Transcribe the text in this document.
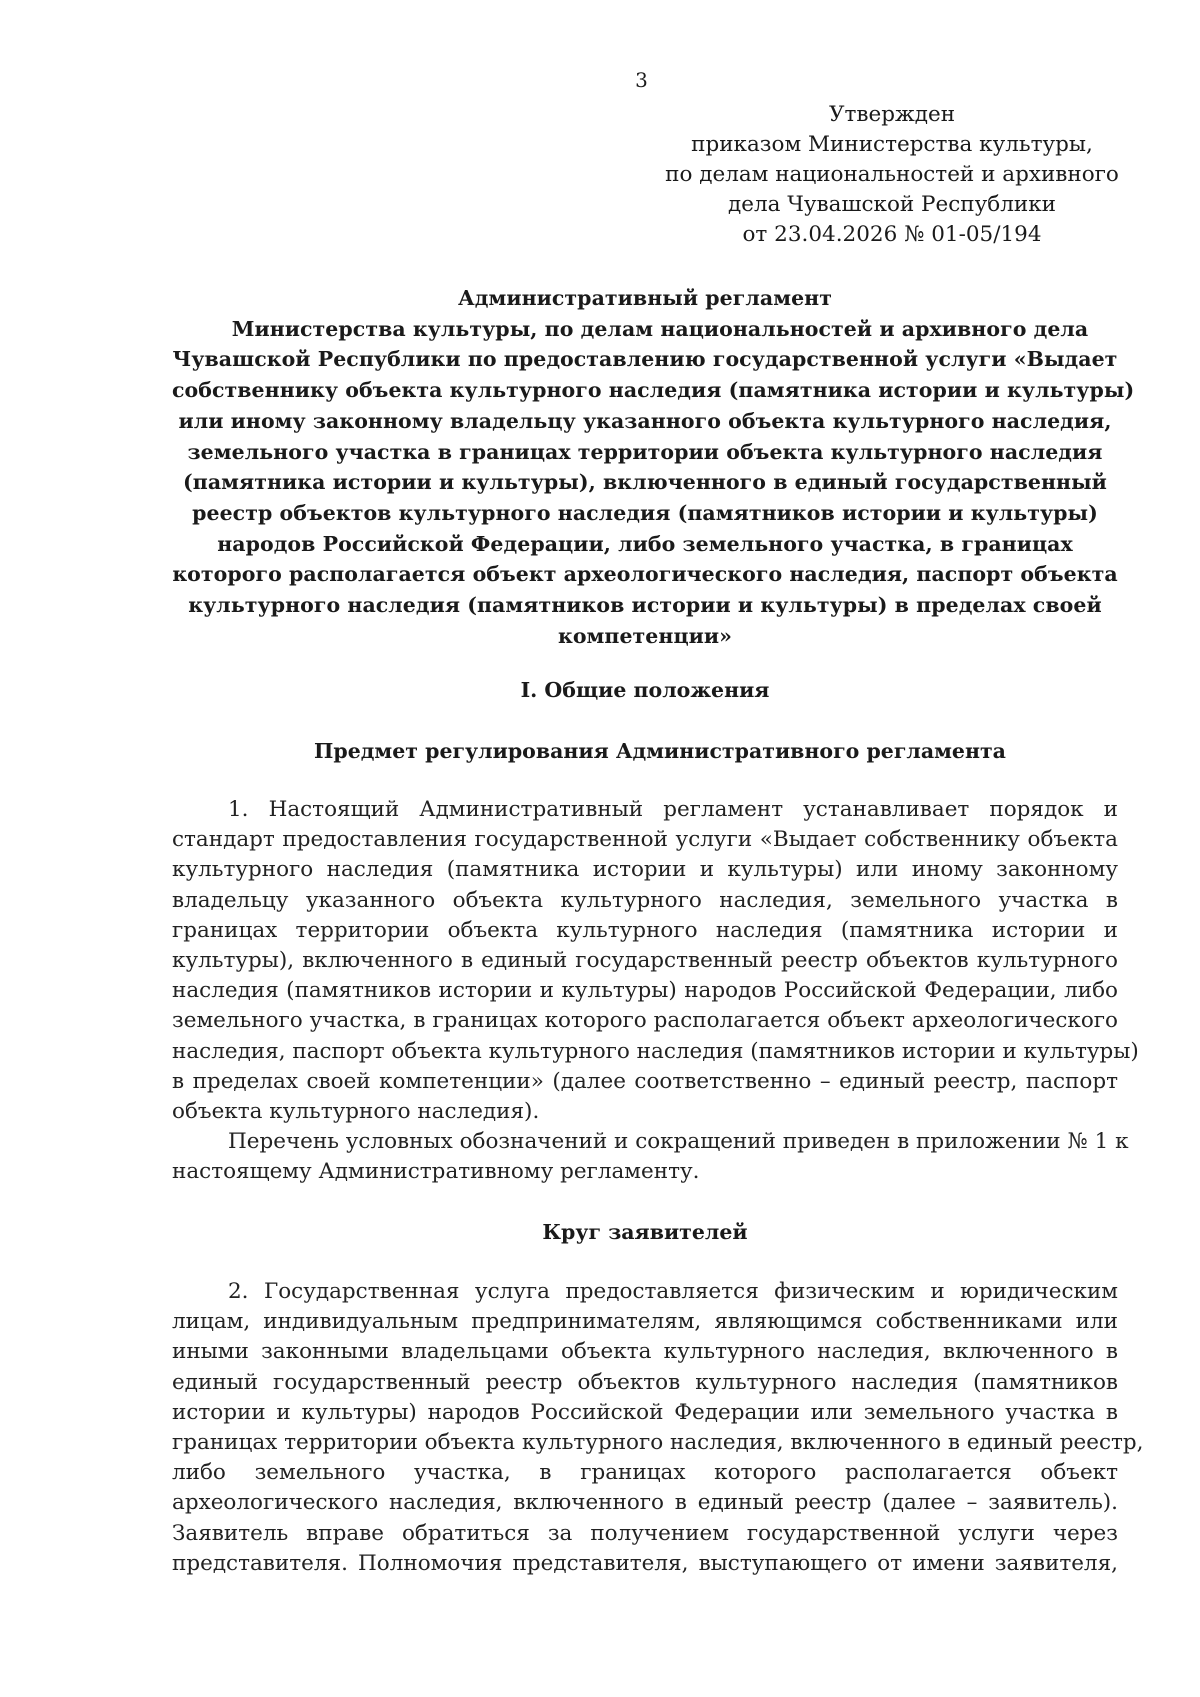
3
Утвержден
приказом Министерства культуры,
по делам национальностей и архивного
дела Чувашской Республики
от 23.04.2026 № 01-05/194
Административный регламент
Министерства культуры, по делам национальностей и архивного дела
Чувашской Республики по предоставлению государственной услуги «Выдает
собственнику объекта культурного наследия (памятника истории и культуры)
или иному законному владельцу указанного объекта культурного наследия,
земельного участка в границах территории объекта культурного наследия
(памятника истории и культуры), включенного в единый государственный
реестр объектов культурного наследия (памятников истории и культуры)
народов Российской Федерации, либо земельного участка, в границах
которого располагается объект археологического наследия, паспорт объекта
культурного наследия (памятников истории и культуры) в пределах своей
компетенции»
I. Общие положения
Предмет регулирования Административного регламента
1. Настоящий Административный регламент устанавливает порядок и
стандарт предоставления государственной услуги «Выдает собственнику объекта
культурного наследия (памятника истории и культуры) или иному законному
владельцу указанного объекта культурного наследия, земельного участка в
границах территории объекта культурного наследия (памятника истории и
культуры), включенного в единый государственный реестр объектов культурного
наследия (памятников истории и культуры) народов Российской Федерации, либо
земельного участка, в границах которого располагается объект археологического
наследия, паспорт объекта культурного наследия (памятников истории и культуры)
в пределах своей компетенции» (далее соответственно – единый реестр, паспорт
объекта культурного наследия).
Перечень условных обозначений и сокращений приведен в приложении № 1 к
настоящему Административному регламенту.
Круг заявителей
2. Государственная услуга предоставляется физическим и юридическим
лицам, индивидуальным предпринимателям, являющимся собственниками или
иными законными владельцами объекта культурного наследия, включенного в
единый государственный реестр объектов культурного наследия (памятников
истории и культуры) народов Российской Федерации или земельного участка в
границах территории объекта культурного наследия, включенного в единый реестр,
либо земельного участка, в границах которого располагается объект
археологического наследия, включенного в единый реестр (далее – заявитель).
Заявитель вправе обратиться за получением государственной услуги через
представителя. Полномочия представителя, выступающего от имени заявителя,
